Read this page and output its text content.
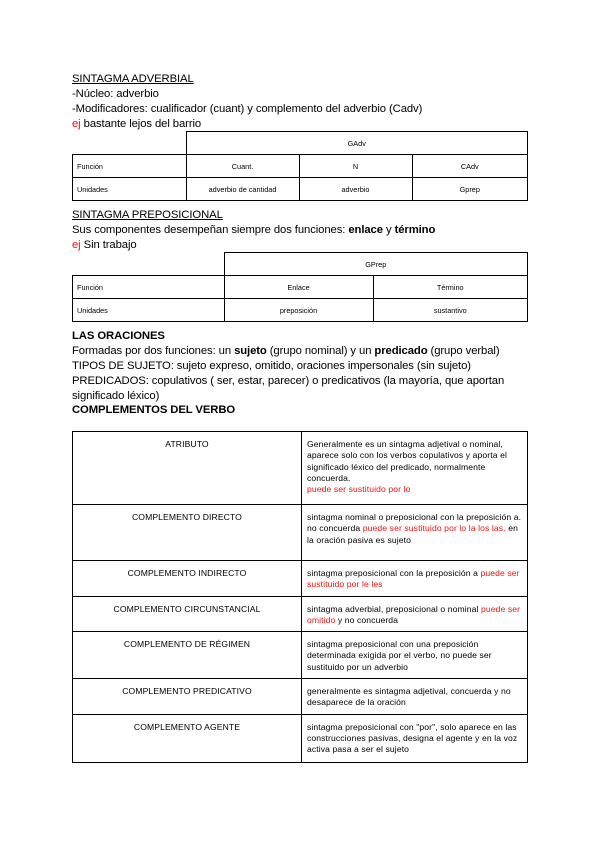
SINTAGMA ADVERBIAL
-Núcleo: adverbio
-Modificadores: cualificador (cuant) y complemento del adverbio (Cadv)
ej bastante lejos del barrio
	GAdv		
Función	Cuant.	N	CAdv
Unidades	adverbio de cantidad	adverbio	Gprep
SINTAGMA PREPOSICIONAL
Sus componentes desempeñan siempre dos funciones: enlace y término
ej Sin trabajo
	GPrep	
Función	Enlace	Término
Unidades	preposición	sustantivo
LAS ORACIONES
Formadas por dos funciones: un sujeto (grupo nominal) y un predicado (grupo verbal)
TIPOS DE SUJETO: sujeto expreso, omitido, oraciones impersonales (sin sujeto)
PREDICADOS: copulativos ( ser, estar, parecer) o predicativos (la mayoría, que aportan
significado léxico)
COMPLEMENTOS DEL VERBO
ATRIBUTO	Generalmente es un sintagma adjetival o nominal, aparece solo con los verbos copulativos y aporta el significado léxico del predicado, normalmente concuerda.
puede ser sustituido por lo
COMPLEMENTO DIRECTO	sintagma nominal o preposicional con la preposición a. no concuerda puede ser sustituido por lo la los las. en la oración pasiva es sujeto
COMPLEMENTO INDIRECTO	sintagma preposicional con la preposición a puede ser sustituido por le les
COMPLEMENTO CIRCUNSTANCIAL	sintagma adverbial, preposicional o nominal puede ser omitido y no concuerda
COMPLEMENTO DE RÉGIMEN	sintagma preposicional con una preposición determinada exigida por el verbo, no puede ser sustituido por un adverbio
COMPLEMENTO PREDICATIVO	generalmente es sintagma adjetival, concuerda y no desaparece de la oración
COMPLEMENTO AGENTE	sintagma preposicional con "por", solo aparece en las construcciones pasivas, designa el agente y en la voz activa pasa a ser el sujeto
